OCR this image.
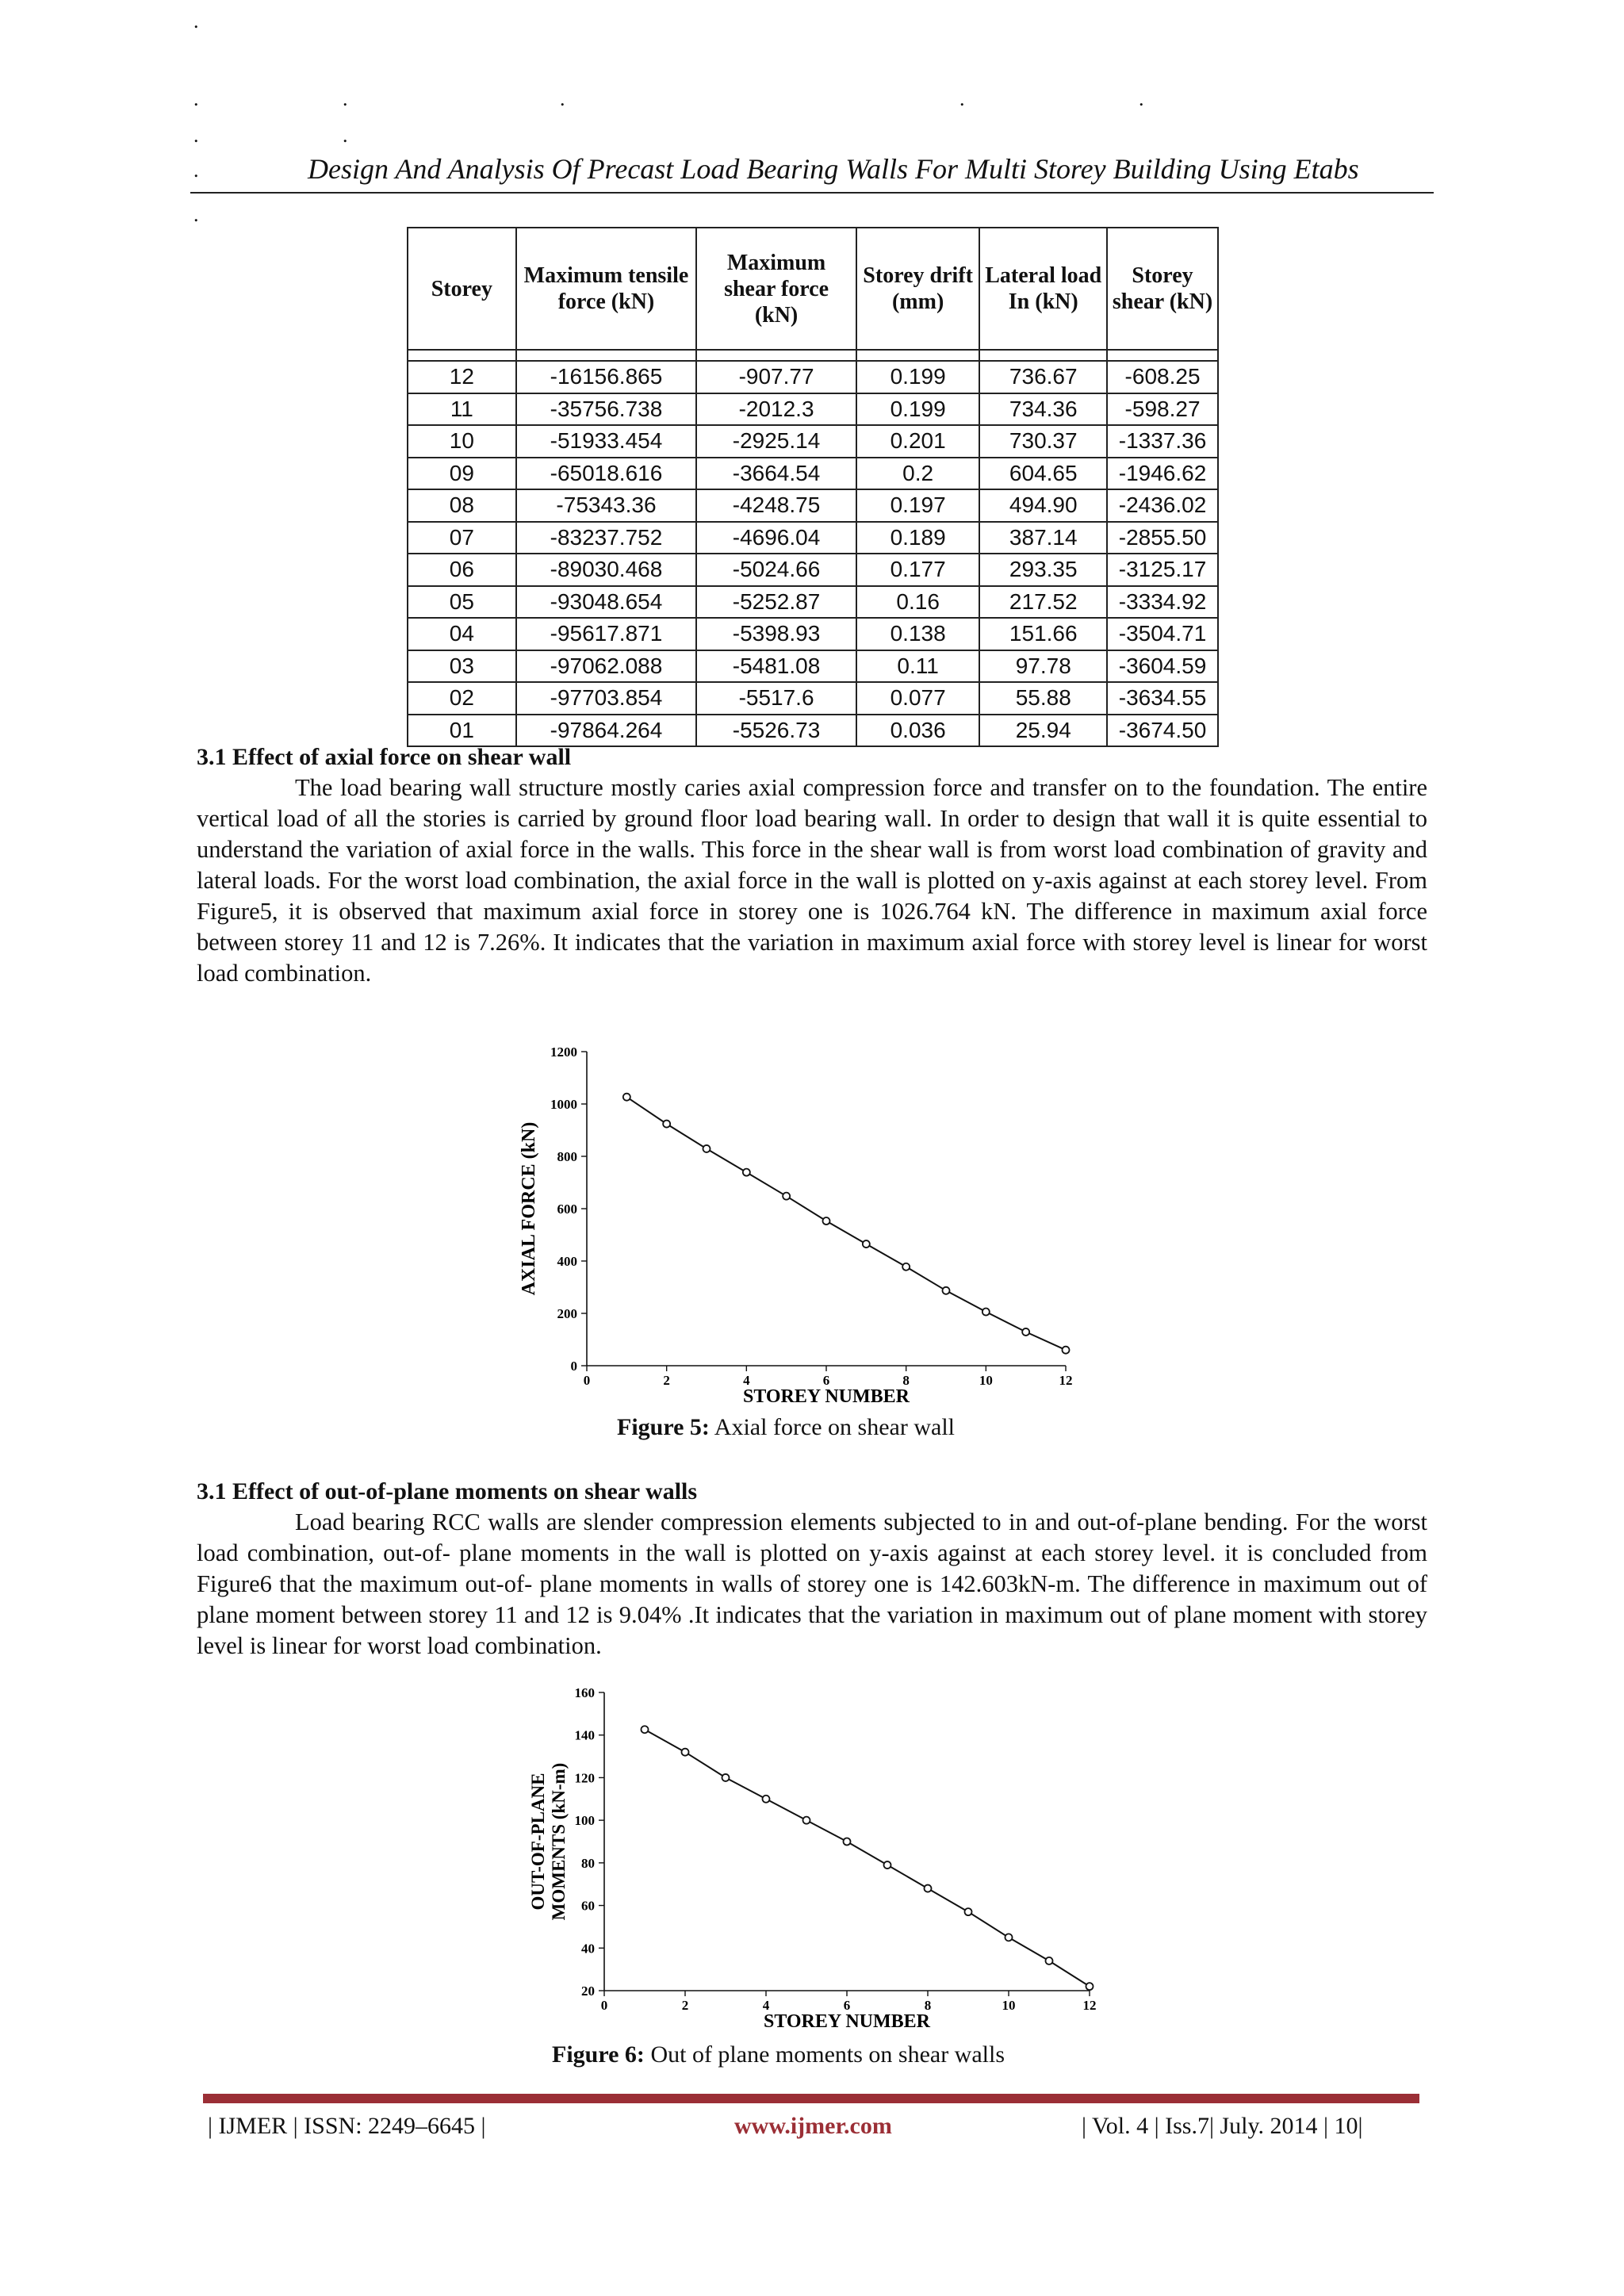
.
.	.	.	.	.
.	.
.
.
Design And Analysis Of Precast Load Bearing Walls For Multi Storey Building Using Etabs
Storey	Maximum tensile force (kN)	Maximum shear force (kN)	Storey drift (mm)	Lateral load In (kN)	Storey shear (kN)

12	-16156.865	-907.77	0.199	736.67	-608.25
11	-35756.738	-2012.3	0.199	734.36	-598.27
10	-51933.454	-2925.14	0.201	730.37	-1337.36
09	-65018.616	-3664.54	0.2	604.65	-1946.62
08	-75343.36	-4248.75	0.197	494.90	-2436.02
07	-83237.752	-4696.04	0.189	387.14	-2855.50
06	-89030.468	-5024.66	0.177	293.35	-3125.17
05	-93048.654	-5252.87	0.16	217.52	-3334.92
04	-95617.871	-5398.93	0.138	151.66	-3504.71
03	-97062.088	-5481.08	0.11	97.78	-3604.59
02	-97703.854	-5517.6	0.077	55.88	-3634.55
01	-97864.264	-5526.73	0.036	25.94	-3674.50
3.1 Effect of axial force on shear wall
The load bearing wall structure mostly caries axial compression force and transfer on to the foundation. The entire vertical load of all the stories is carried by ground floor load bearing wall. In order to design that wall it is quite essential to understand the variation of axial force in the walls. This force in the shear wall is from worst load combination of gravity and lateral loads. For the worst load combination, the axial force in the wall is plotted on y-axis against at each storey level. From Figure5, it is observed that maximum axial force in storey one is 1026.764 kN. The difference in maximum axial force between storey 11 and 12 is 7.26%. It indicates that the variation in maximum axial force with storey level is linear for worst load combination.
0
200
400
600
800
1000
1200
0	2	4	6	8	10	12
STOREY NUMBER
AXIAL FORCE (kN)
Figure 5: Axial force on shear wall
3.1 Effect of out-of-plane moments on shear walls
Load bearing RCC walls are slender compression elements subjected to in and out-of-plane bending. For the worst load combination, out-of- plane moments in the wall is plotted on y-axis against at each storey level. it is concluded from Figure6 that the maximum out-of- plane moments in walls of storey one is 142.603kN-m. The difference in maximum out of plane moment between storey 11 and 12 is 9.04% .It indicates that the variation in maximum out of plane moment with storey level is linear for worst load combination.
20
40
60
80
100
120
140
160
0	2	4	6	8	10	12
STOREY NUMBER
OUT-OF-PLANE MOMENTS (kN-m)
Figure 6: Out of plane moments on shear walls
| IJMER | ISSN: 2249–6645 |	www.ijmer.com	| Vol. 4 | Iss.7| July. 2014 | 10|
